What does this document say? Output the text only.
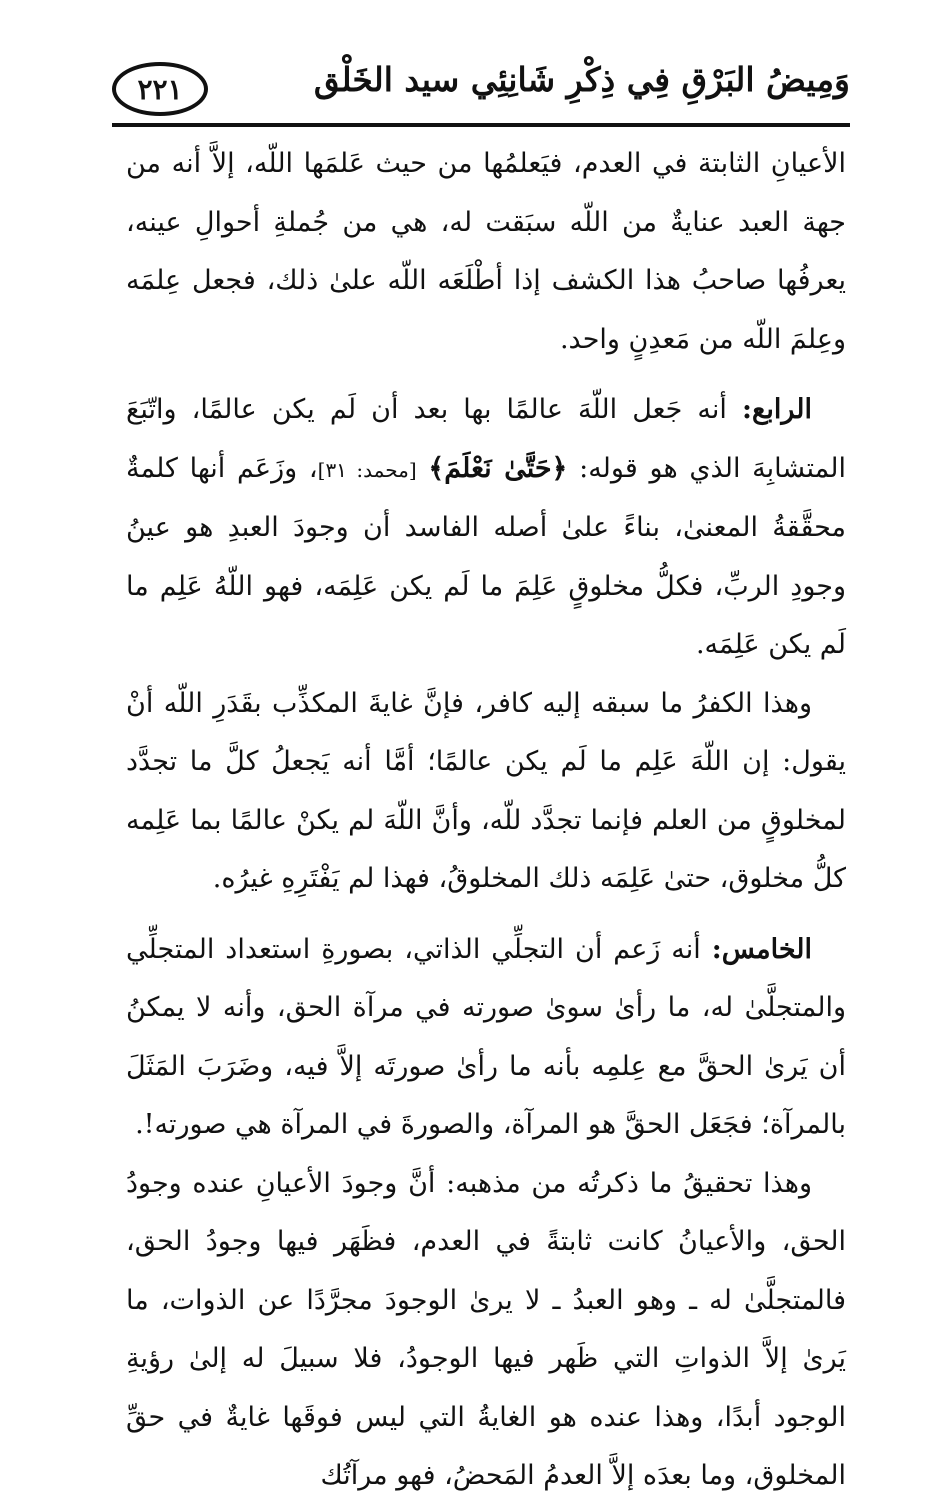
وَمِيضُ البَرْقِ فِي ذِكْرِ شَانِئِي سيد الخَلْق
٢٢١

الأعيانِ الثابتة في العدم، فيَعلمُها من حيث عَلمَها اللّه، إلاَّ أنه من جهة العبد عنايةٌ من اللّه سبَقت له، هي من جُملةِ أحوالِ عينه، يعرفُها صاحبُ هذا الكشف إذا أطْلَعَه اللّه علىٰ ذلك، فجعل عِلمَه وعِلمَ اللّه من مَعدِنٍ واحد.

الرابع: أنه جَعل اللّهَ عالمًا بها بعد أن لَم يكن عالمًا، واتّبَعَ المتشابِهَ الذي هو قوله: ﴿حَتَّىٰ نَعْلَمَ﴾ [محمد: ٣١]، وزَعَم أنها كلمةٌ محقَّقةُ المعنىٰ، بناءً علىٰ أصله الفاسد أن وجودَ العبدِ هو عينُ وجودِ الربِّ، فكلُّ مخلوقٍ عَلِمَ ما لَم يكن عَلِمَه، فهو اللّهُ عَلِم ما لَم يكن عَلِمَه.

وهذا الكفرُ ما سبقه إليه كافر، فإنَّ غايةَ المكذِّب بقَدَرِ اللّه أنْ يقول: إن اللّهَ عَلِم ما لَم يكن عالمًا؛ أمَّا أنه يَجعلُ كلَّ ما تجدَّد لمخلوقٍ من العلم فإنما تجدَّد للّه، وأنَّ اللّهَ لم يكنْ عالمًا بما عَلِمه كلُّ مخلوق، حتىٰ عَلِمَه ذلك المخلوقُ، فهذا لم يَفْتَرِهِ غيرُه.

الخامس: أنه زَعم أن التجلِّي الذاتي، بصورةِ استعداد المتجلِّي والمتجلَّىٰ له، ما رأىٰ سوىٰ صورته في مرآة الحق، وأنه لا يمكنُ أن يَرىٰ الحقَّ مع عِلمِه بأنه ما رأىٰ صورتَه إلاَّ فيه، وضَرَبَ المَثَلَ بالمرآة؛ فجَعَل الحقَّ هو المرآة، والصورةَ في المرآة هي صورته!.

وهذا تحقيقُ ما ذكرتُه من مذهبه: أنَّ وجودَ الأعيانِ عنده وجودُ الحق، والأعيانُ كانت ثابتةً في العدم، فظَهَر فيها وجودُ الحق، فالمتجلَّىٰ له ـ وهو العبدُ ـ لا يرىٰ الوجودَ مجرَّدًا عن الذوات، ما يَرىٰ إلاَّ الذواتِ التي ظَهر فيها الوجودُ، فلا سبيلَ له إلىٰ رؤيةِ الوجود أبدًا، وهذا عنده هو الغايةُ التي ليس فوقَها غايةٌ في حقِّ المخلوق، وما بعدَه إلاَّ العدمُ المَحضُ، فهو مرآتُك
